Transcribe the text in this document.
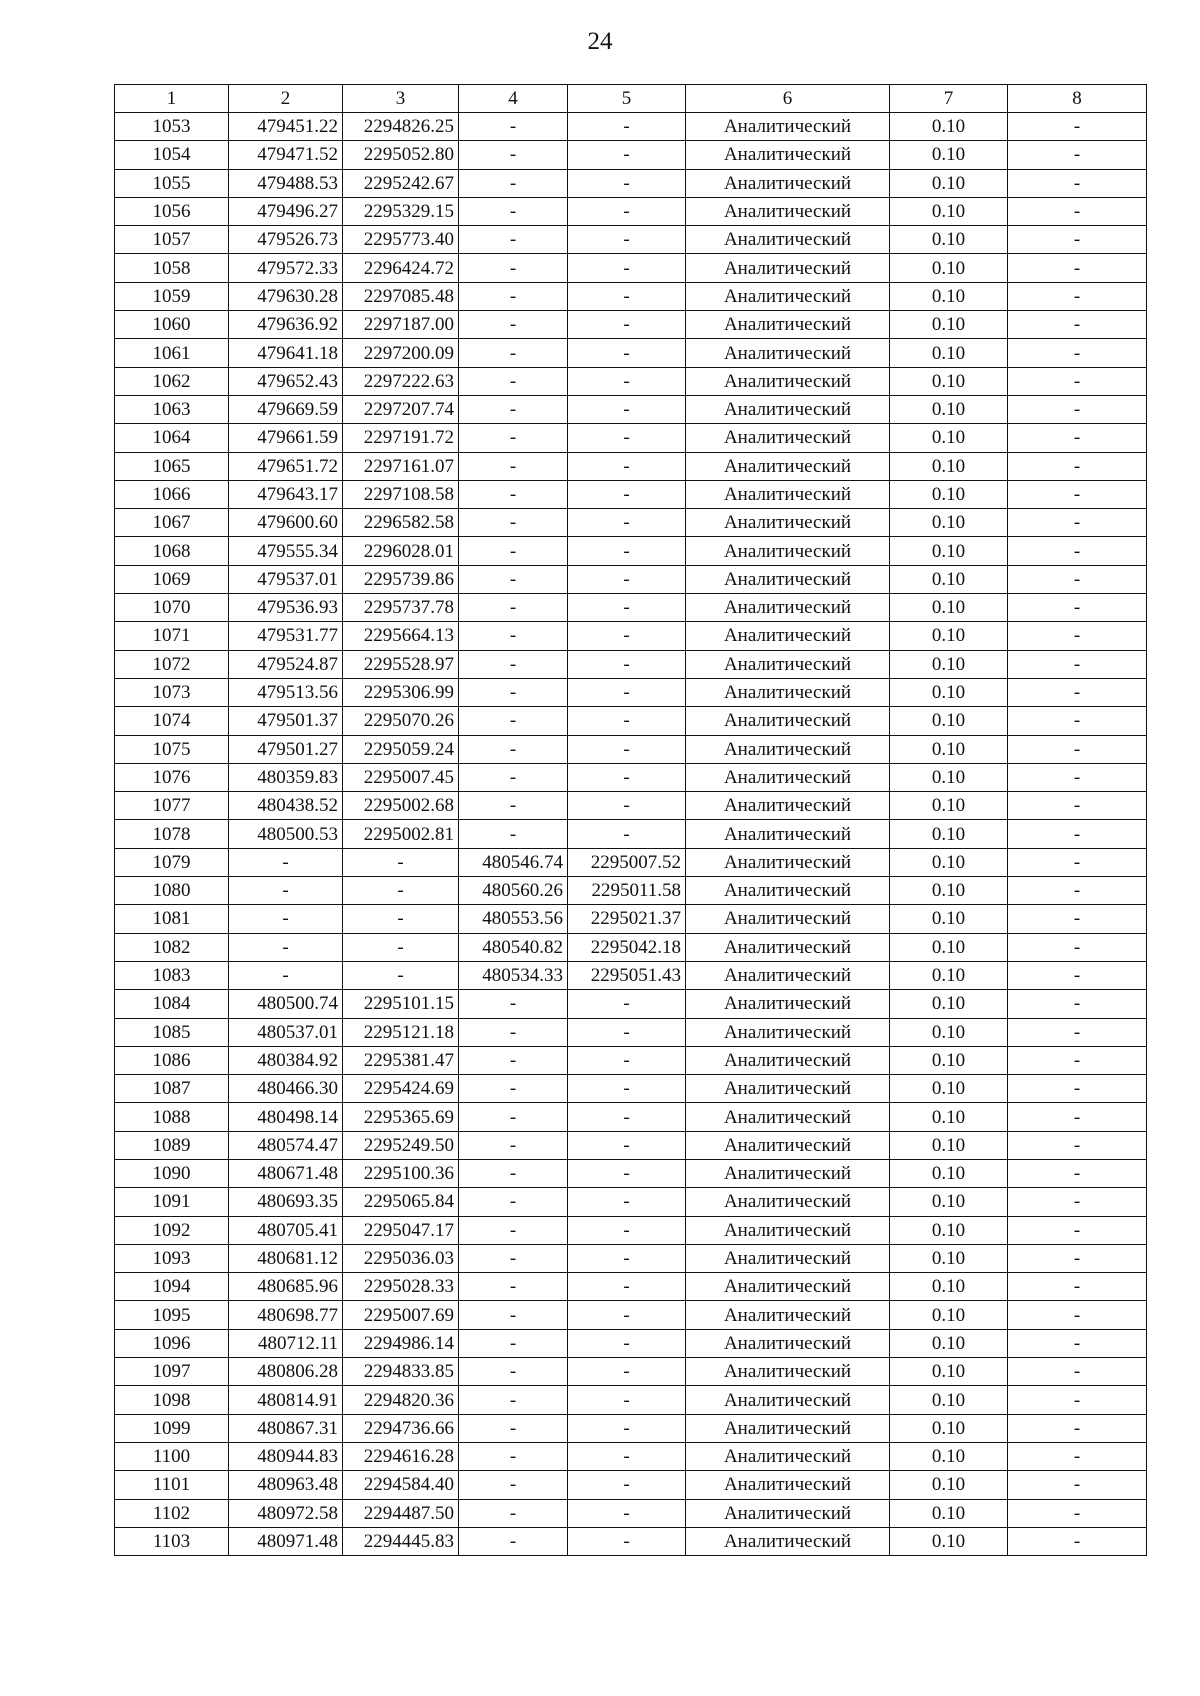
24
1	2	3	4	5	6	7	8
1053	479451.22	2294826.25	-	-	Аналитический	0.10	-
1054	479471.52	2295052.80	-	-	Аналитический	0.10	-
1055	479488.53	2295242.67	-	-	Аналитический	0.10	-
1056	479496.27	2295329.15	-	-	Аналитический	0.10	-
1057	479526.73	2295773.40	-	-	Аналитический	0.10	-
1058	479572.33	2296424.72	-	-	Аналитический	0.10	-
1059	479630.28	2297085.48	-	-	Аналитический	0.10	-
1060	479636.92	2297187.00	-	-	Аналитический	0.10	-
1061	479641.18	2297200.09	-	-	Аналитический	0.10	-
1062	479652.43	2297222.63	-	-	Аналитический	0.10	-
1063	479669.59	2297207.74	-	-	Аналитический	0.10	-
1064	479661.59	2297191.72	-	-	Аналитический	0.10	-
1065	479651.72	2297161.07	-	-	Аналитический	0.10	-
1066	479643.17	2297108.58	-	-	Аналитический	0.10	-
1067	479600.60	2296582.58	-	-	Аналитический	0.10	-
1068	479555.34	2296028.01	-	-	Аналитический	0.10	-
1069	479537.01	2295739.86	-	-	Аналитический	0.10	-
1070	479536.93	2295737.78	-	-	Аналитический	0.10	-
1071	479531.77	2295664.13	-	-	Аналитический	0.10	-
1072	479524.87	2295528.97	-	-	Аналитический	0.10	-
1073	479513.56	2295306.99	-	-	Аналитический	0.10	-
1074	479501.37	2295070.26	-	-	Аналитический	0.10	-
1075	479501.27	2295059.24	-	-	Аналитический	0.10	-
1076	480359.83	2295007.45	-	-	Аналитический	0.10	-
1077	480438.52	2295002.68	-	-	Аналитический	0.10	-
1078	480500.53	2295002.81	-	-	Аналитический	0.10	-
1079	-	-	480546.74	2295007.52	Аналитический	0.10	-
1080	-	-	480560.26	2295011.58	Аналитический	0.10	-
1081	-	-	480553.56	2295021.37	Аналитический	0.10	-
1082	-	-	480540.82	2295042.18	Аналитический	0.10	-
1083	-	-	480534.33	2295051.43	Аналитический	0.10	-
1084	480500.74	2295101.15	-	-	Аналитический	0.10	-
1085	480537.01	2295121.18	-	-	Аналитический	0.10	-
1086	480384.92	2295381.47	-	-	Аналитический	0.10	-
1087	480466.30	2295424.69	-	-	Аналитический	0.10	-
1088	480498.14	2295365.69	-	-	Аналитический	0.10	-
1089	480574.47	2295249.50	-	-	Аналитический	0.10	-
1090	480671.48	2295100.36	-	-	Аналитический	0.10	-
1091	480693.35	2295065.84	-	-	Аналитический	0.10	-
1092	480705.41	2295047.17	-	-	Аналитический	0.10	-
1093	480681.12	2295036.03	-	-	Аналитический	0.10	-
1094	480685.96	2295028.33	-	-	Аналитический	0.10	-
1095	480698.77	2295007.69	-	-	Аналитический	0.10	-
1096	480712.11	2294986.14	-	-	Аналитический	0.10	-
1097	480806.28	2294833.85	-	-	Аналитический	0.10	-
1098	480814.91	2294820.36	-	-	Аналитический	0.10	-
1099	480867.31	2294736.66	-	-	Аналитический	0.10	-
1100	480944.83	2294616.28	-	-	Аналитический	0.10	-
1101	480963.48	2294584.40	-	-	Аналитический	0.10	-
1102	480972.58	2294487.50	-	-	Аналитический	0.10	-
1103	480971.48	2294445.83	-	-	Аналитический	0.10	-
